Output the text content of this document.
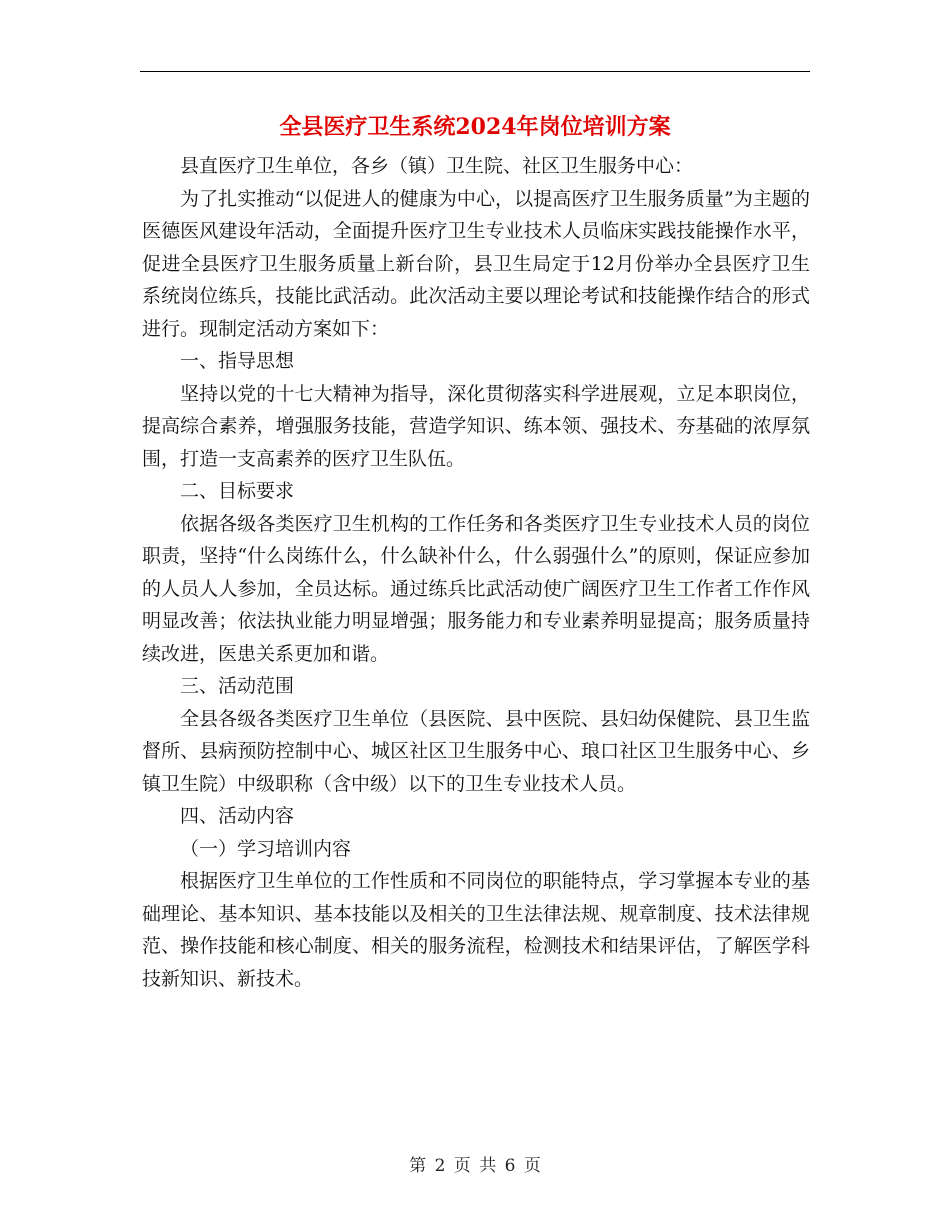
全县医疗卫生系统2024年岗位培训方案

县直医疗卫生单位，各乡（镇）卫生院、社区卫生服务中心：

为了扎实推动“以促进人的健康为中心，以提高医疗卫生服务质量”为主题的医德医风建设年活动，全面提升医疗卫生专业技术人员临床实践技能操作水平，促进全县医疗卫生服务质量上新台阶，县卫生局定于12月份举办全县医疗卫生系统岗位练兵，技能比武活动。此次活动主要以理论考试和技能操作结合的形式进行。现制定活动方案如下：

一、指导思想

坚持以党的十七大精神为指导，深化贯彻落实科学进展观，立足本职岗位，提高综合素养，增强服务技能，营造学知识、练本领、强技术、夯基础的浓厚氛围，打造一支高素养的医疗卫生队伍。

二、目标要求

依据各级各类医疗卫生机构的工作任务和各类医疗卫生专业技术人员的岗位职责，坚持“什么岗练什么，什么缺补什么，什么弱强什么”的原则，保证应参加的人员人人参加，全员达标。通过练兵比武活动使广阔医疗卫生工作者工作作风明显改善；依法执业能力明显增强；服务能力和专业素养明显提高；服务质量持续改进，医患关系更加和谐。

三、活动范围

全县各级各类医疗卫生单位（县医院、县中医院、县妇幼保健院、县卫生监督所、县病预防控制中心、城区社区卫生服务中心、琅口社区卫生服务中心、乡镇卫生院）中级职称（含中级）以下的卫生专业技术人员。

四、活动内容

（一）学习培训内容

根据医疗卫生单位的工作性质和不同岗位的职能特点，学习掌握本专业的基础理论、基本知识、基本技能以及相关的卫生法律法规、规章制度、技术法律规范、操作技能和核心制度、相关的服务流程，检测技术和结果评估，了解医学科技新知识、新技术。

第 2 页 共 6 页
